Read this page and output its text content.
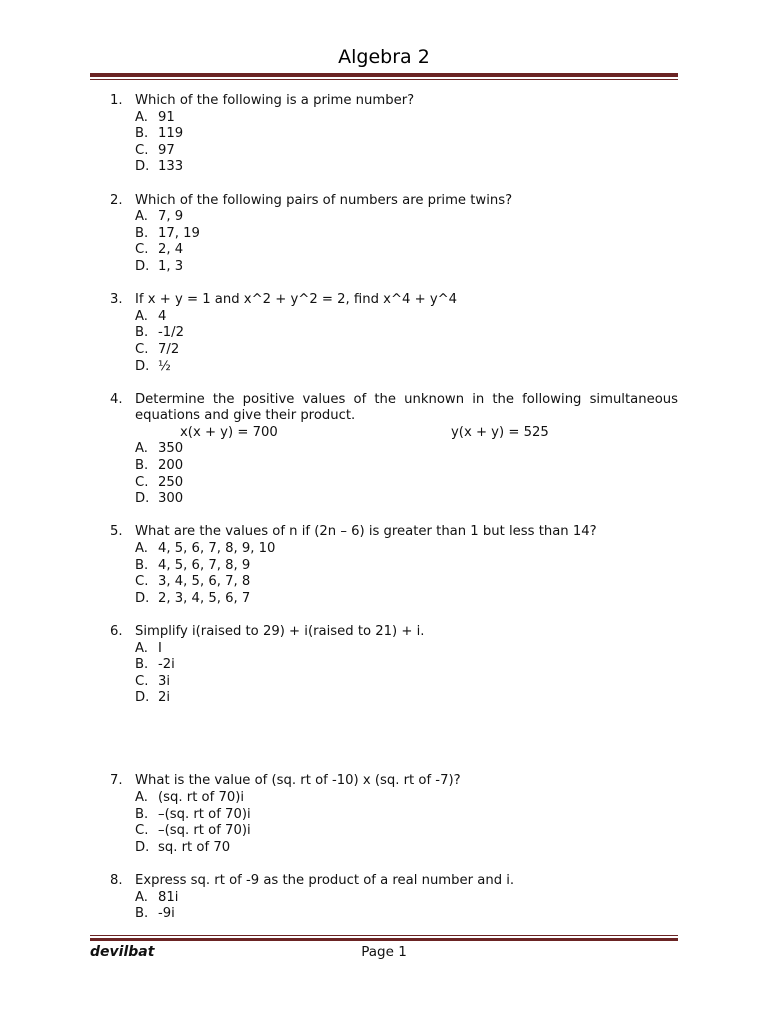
Algebra 2
1. Which of the following is a prime number?
A. 91
B. 119
C. 97
D. 133
2. Which of the following pairs of numbers are prime twins?
A. 7, 9
B. 17, 19
C. 2, 4
D. 1, 3
3. If x + y = 1 and x^2 + y^2 = 2, find x^4 + y^4
A. 4
B. -1/2
C. 7/2
D. ½
4. Determine the positive values of the unknown in the following simultaneous equations and give their product.
x(x + y) = 700	y(x + y) = 525
A. 350
B. 200
C. 250
D. 300
5. What are the values of n if (2n – 6) is greater than 1 but less than 14?
A. 4, 5, 6, 7, 8, 9, 10
B. 4, 5, 6, 7, 8, 9
C. 3, 4, 5, 6, 7, 8
D. 2, 3, 4, 5, 6, 7
6. Simplify i(raised to 29) + i(raised to 21) + i.
A. I
B. -2i
C. 3i
D. 2i
7. What is the value of (sq. rt of -10) x (sq. rt of -7)?
A. (sq. rt of 70)i
B. –(sq. rt of 70)i
C. –(sq. rt of 70)i
D. sq. rt of 70
8. Express sq. rt of -9 as the product of a real number and i.
A. 81i
B. -9i
Page 1
devilbat
